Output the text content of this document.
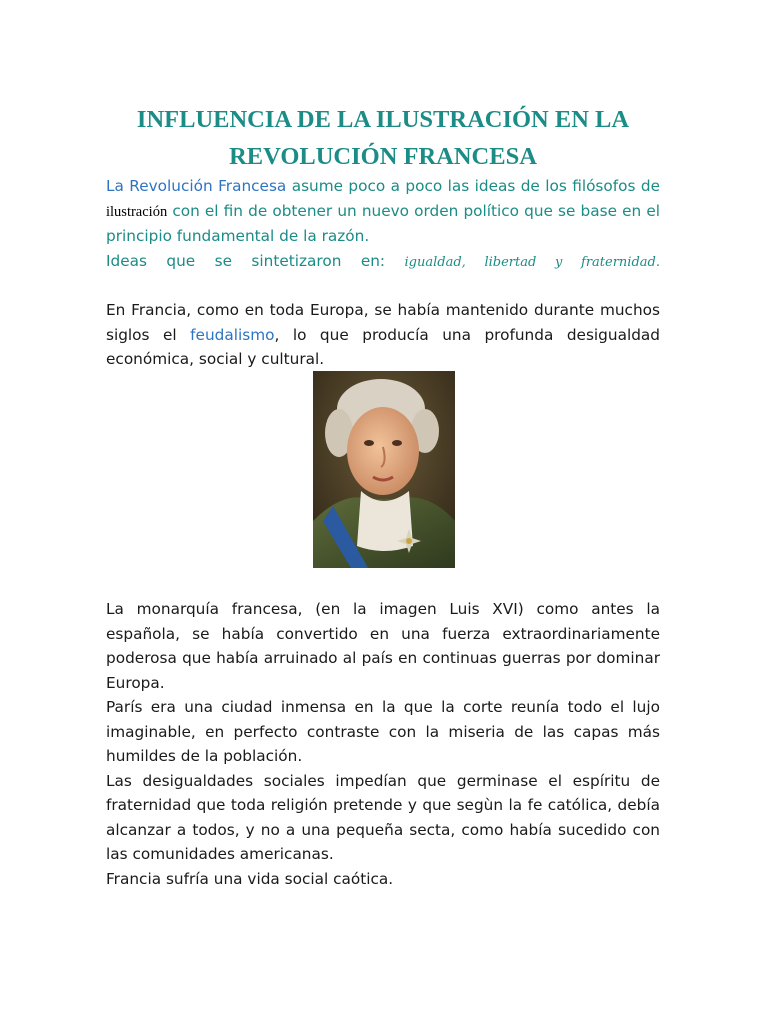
INFLUENCIA DE LA ILUSTRACIÓN EN LA
REVOLUCIÓN FRANCESA

La Revolución Francesa asume poco a poco las ideas de los filósofos de ilustración con el fin de obtener un nuevo orden político que se base en el principio fundamental de la razón.

Ideas que se sintetizaron en: igualdad, libertad y fraternidad.

En Francia, como en toda Europa, se había mantenido durante muchos siglos el feudalismo, lo que producía una profunda desigualdad económica, social y cultural.

La monarquía francesa, (en la imagen Luis XVI) como antes la española, se había convertido en una fuerza extraordinariamente poderosa que había arruinado al país en continuas guerras por dominar Europa.

París era una ciudad inmensa en la que la corte reunía todo el lujo imaginable, en perfecto contraste con la miseria de las capas más humildes de la población.

Las desigualdades sociales impedían que germinase el espíritu de fraternidad que toda religión pretende y que segùn la fe católica, debía alcanzar a todos, y no a una pequeña secta, como había sucedido con las comunidades americanas.

Francia sufría una vida social caótica.
